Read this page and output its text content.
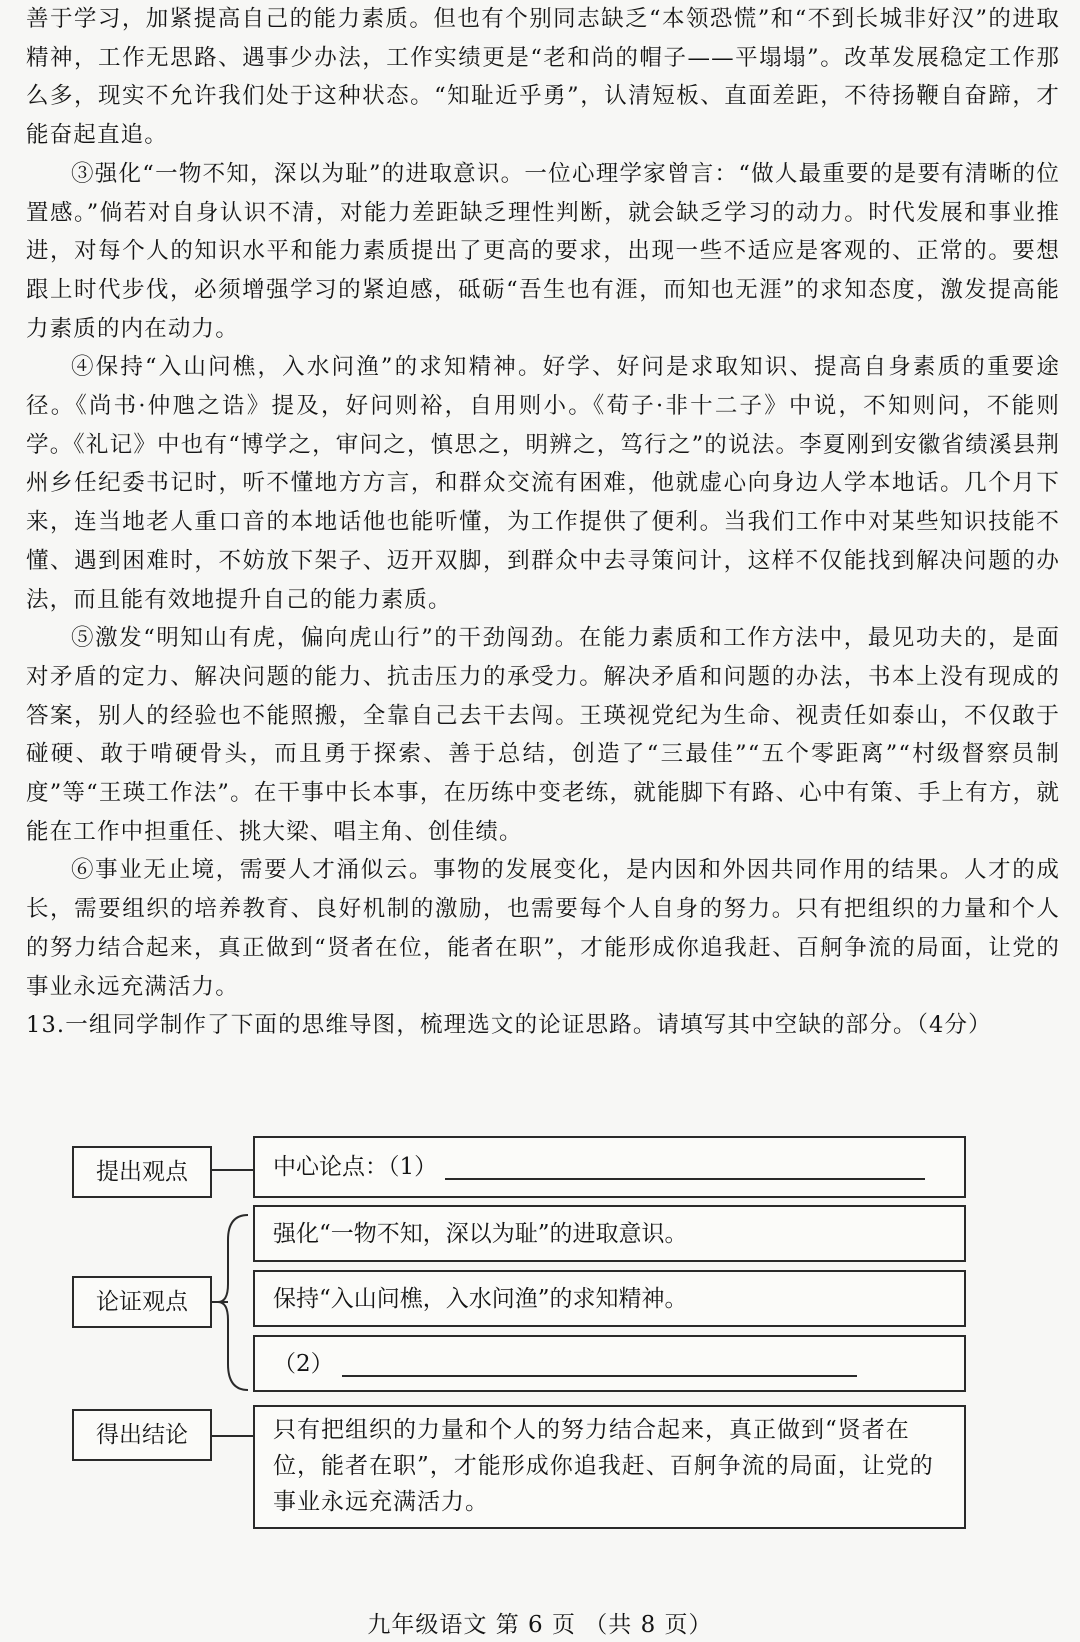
善于学习，加紧提高自己的能力素质。但也有个别同志缺乏“本领恐慌”和“不到长城非好汉”的进取精神，工作无思路、遇事少办法，工作实绩更是“老和尚的帽子——平塌塌”。改革发展稳定工作那么多，现实不允许我们处于这种状态。“知耻近乎勇”，认清短板、直面差距，不待扬鞭自奋蹄，才能奋起直追。

③强化“一物不知，深以为耻”的进取意识。一位心理学家曾言：“做人最重要的是要有清晰的位置感。”倘若对自身认识不清，对能力差距缺乏理性判断，就会缺乏学习的动力。时代发展和事业推进，对每个人的知识水平和能力素质提出了更高的要求，出现一些不适应是客观的、正常的。要想跟上时代步伐，必须增强学习的紧迫感，砥砺“吾生也有涯，而知也无涯”的求知态度，激发提高能力素质的内在动力。

④保持“入山问樵，入水问渔”的求知精神。好学、好问是求取知识、提高自身素质的重要途径。《尚书·仲虺之诰》提及，好问则裕，自用则小。《荀子·非十二子》中说，不知则问，不能则学。《礼记》中也有“博学之，审问之，慎思之，明辨之，笃行之”的说法。李夏刚到安徽省绩溪县荆州乡任纪委书记时，听不懂地方方言，和群众交流有困难，他就虚心向身边人学本地话。几个月下来，连当地老人重口音的本地话他也能听懂，为工作提供了便利。当我们工作中对某些知识技能不懂、遇到困难时，不妨放下架子、迈开双脚，到群众中去寻策问计，这样不仅能找到解决问题的办法，而且能有效地提升自己的能力素质。

⑤激发“明知山有虎，偏向虎山行”的干劲闯劲。在能力素质和工作方法中，最见功夫的，是面对矛盾的定力、解决问题的能力、抗击压力的承受力。解决矛盾和问题的办法，书本上没有现成的答案，别人的经验也不能照搬，全靠自己去干去闯。王瑛视党纪为生命、视责任如泰山，不仅敢于碰硬、敢于啃硬骨头，而且勇于探索、善于总结，创造了“三最佳”“五个零距离”“村级督察员制度”等“王瑛工作法”。在干事中长本事，在历练中变老练，就能脚下有路、心中有策、手上有方，就能在工作中担重任、挑大梁、唱主角、创佳绩。

⑥事业无止境，需要人才涌似云。事物的发展变化，是内因和外因共同作用的结果。人才的成长，需要组织的培养教育、良好机制的激励，也需要每个人自身的努力。只有把组织的力量和个人的努力结合起来，真正做到“贤者在位，能者在职”，才能形成你追我赶、百舸争流的局面，让党的事业永远充满活力。

13.一组同学制作了下面的思维导图，梳理选文的论证思路。请填写其中空缺的部分。（4分）

提出观点	中心论点：（1）
论证观点
强化“一物不知，深以为耻”的进取意识。
保持“入山问樵，入水问渔”的求知精神。
（2）
得出结论	只有把组织的力量和个人的努力结合起来，真正做到“贤者在位，能者在职”，才能形成你追我赶、百舸争流的局面，让党的事业永远充满活力。
九年级语文 第 6 页 （共 8 页）
